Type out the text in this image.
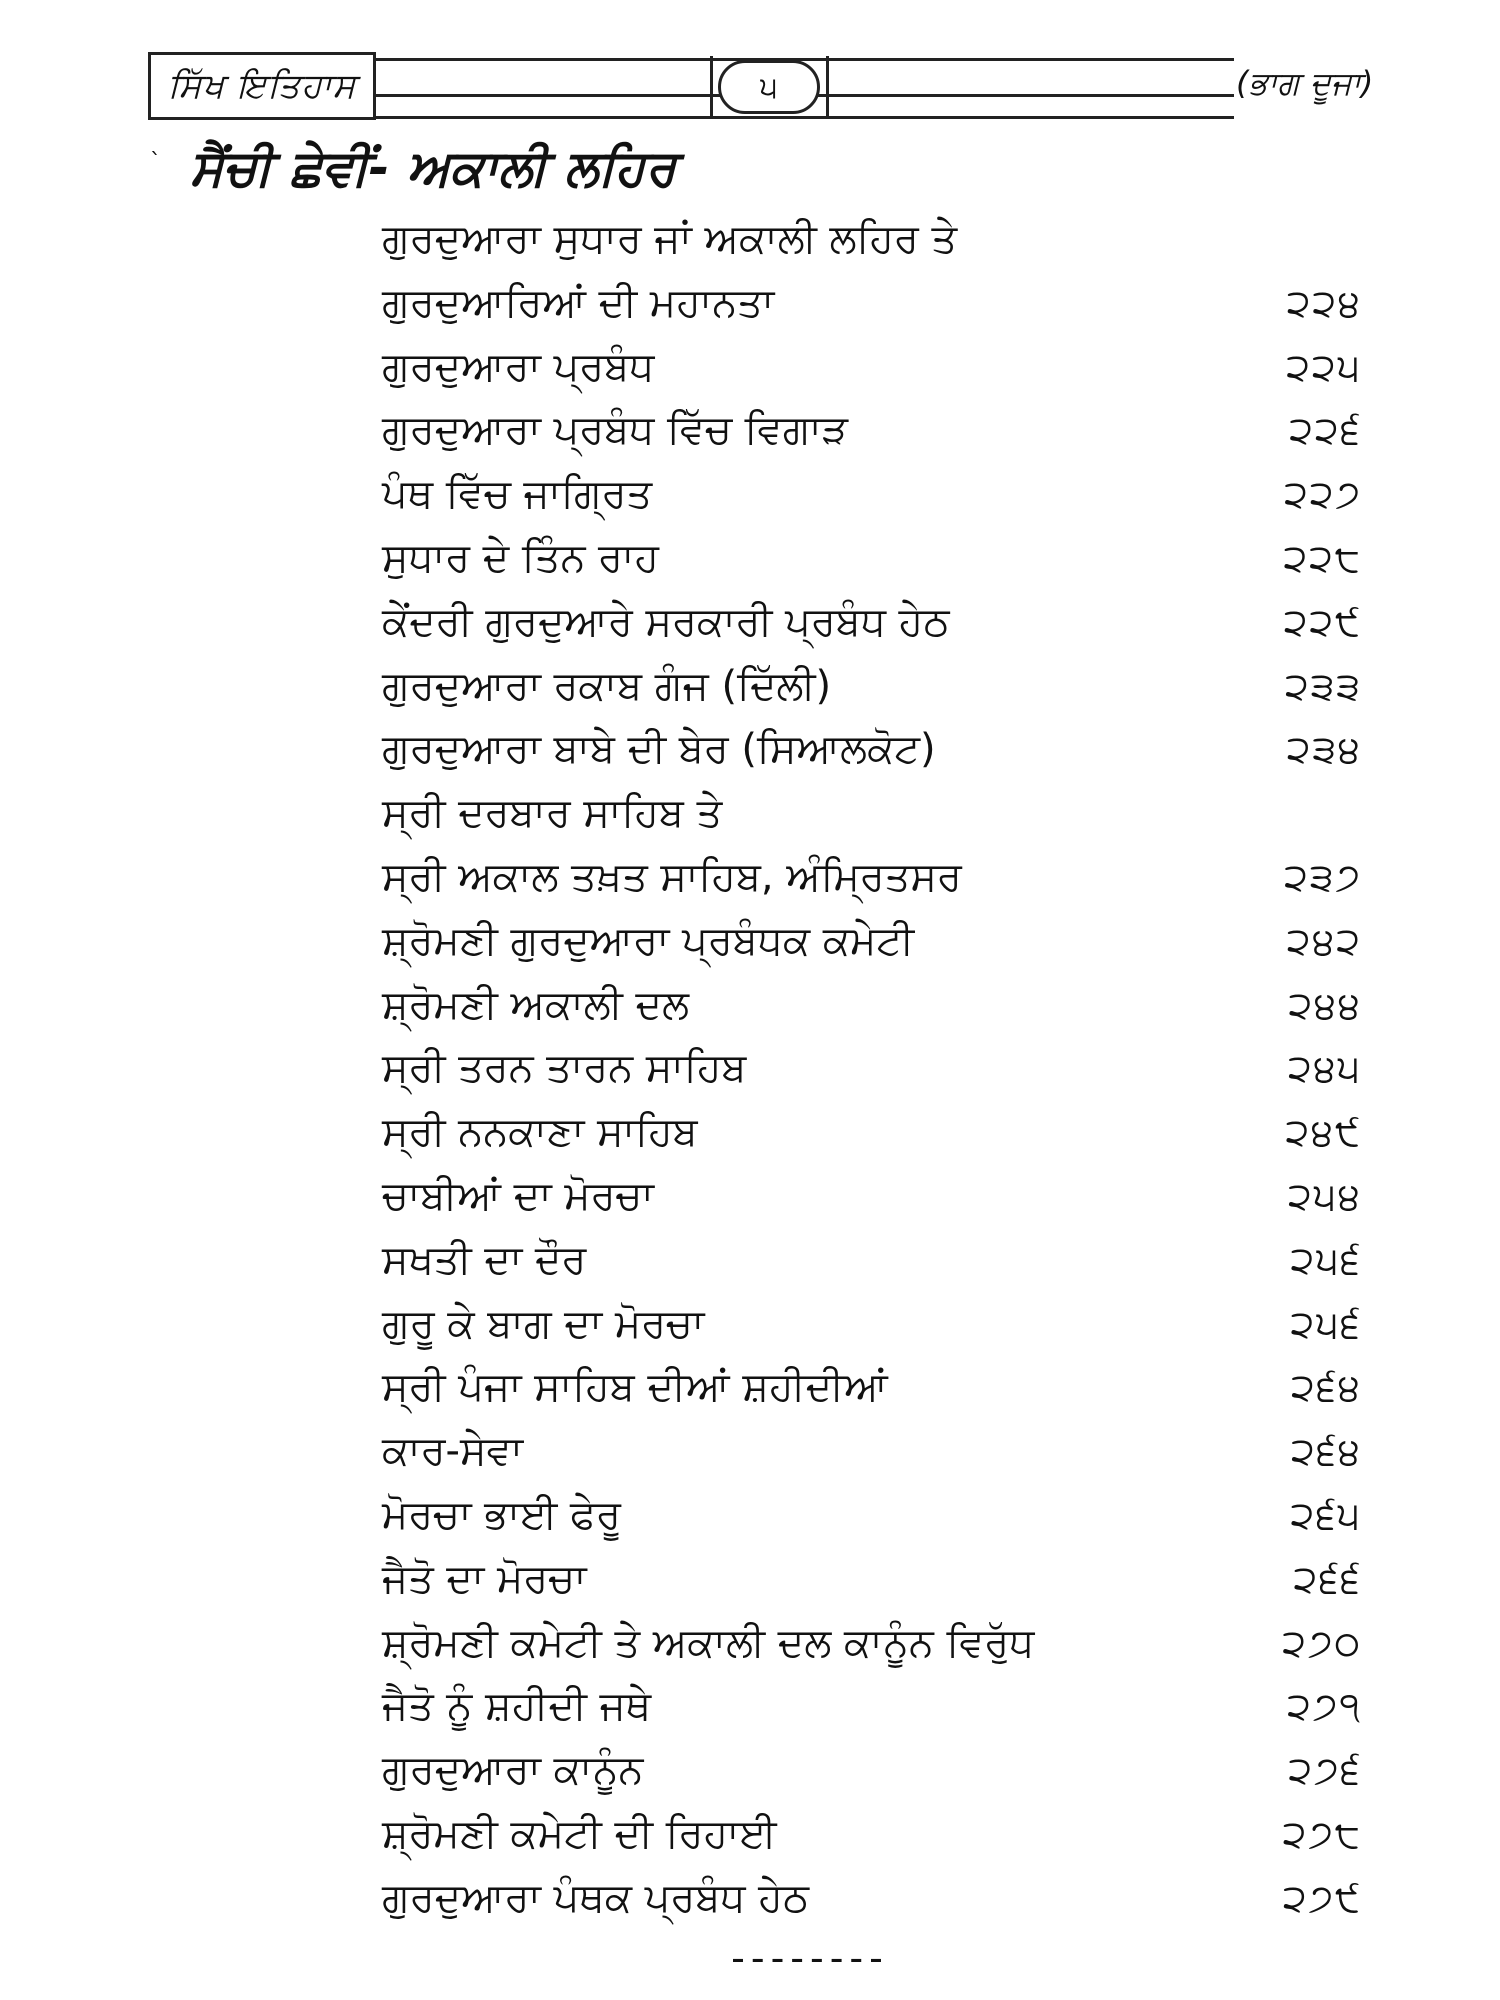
ਸਿੱਖ ਇਤਿਹਾਸ	੫	(ਭਾਗ ਦੂਜਾ)
` ਸੈਂਚੀ ਛੇਵੀਂ- ਅਕਾਲੀ ਲਹਿਰ
ਗੁਰਦੁਆਰਾ ਸੁਧਾਰ ਜਾਂ ਅਕਾਲੀ ਲਹਿਰ ਤੇ
ਗੁਰਦੁਆਰਿਆਂ ਦੀ ਮਹਾਨਤਾ	੨੨੪
ਗੁਰਦੁਆਰਾ ਪ੍ਰਬੰਧ	੨੨੫
ਗੁਰਦੁਆਰਾ ਪ੍ਰਬੰਧ ਵਿੱਚ ਵਿਗਾੜ	੨੨੬
ਪੰਥ ਵਿੱਚ ਜਾਗ੍ਰਿਤ	੨੨੭
ਸੁਧਾਰ ਦੇ ਤਿੰਨ ਰਾਹ	੨੨੮
ਕੇਂਦਰੀ ਗੁਰਦੁਆਰੇ ਸਰਕਾਰੀ ਪ੍ਰਬੰਧ ਹੇਠ	੨੨੯
ਗੁਰਦੁਆਰਾ ਰਕਾਬ ਗੰਜ (ਦਿੱਲੀ)	੨੩੩
ਗੁਰਦੁਆਰਾ ਬਾਬੇ ਦੀ ਬੇਰ (ਸਿਆਲਕੋਟ)	੨੩੪
ਸ੍ਰੀ ਦਰਬਾਰ ਸਾਹਿਬ ਤੇ
ਸ੍ਰੀ ਅਕਾਲ ਤਖ਼ਤ ਸਾਹਿਬ, ਅੰਮ੍ਰਿਤਸਰ	੨੩੭
ਸ਼੍ਰੋਮਣੀ ਗੁਰਦੁਆਰਾ ਪ੍ਰਬੰਧਕ ਕਮੇਟੀ	੨੪੨
ਸ਼੍ਰੋਮਣੀ ਅਕਾਲੀ ਦਲ	੨੪੪
ਸ੍ਰੀ ਤਰਨ ਤਾਰਨ ਸਾਹਿਬ	੨੪੫
ਸ੍ਰੀ ਨਨਕਾਣਾ ਸਾਹਿਬ	੨੪੯
ਚਾਬੀਆਂ ਦਾ ਮੋਰਚਾ	੨੫੪
ਸਖਤੀ ਦਾ ਦੌਰ	੨੫੬
ਗੁਰੂ ਕੇ ਬਾਗ ਦਾ ਮੋਰਚਾ	੨੫੬
ਸ੍ਰੀ ਪੰਜਾ ਸਾਹਿਬ ਦੀਆਂ ਸ਼ਹੀਦੀਆਂ	੨੬੪
ਕਾਰ-ਸੇਵਾ	੨੬੪
ਮੋਰਚਾ ਭਾਈ ਫੇਰੂ	੨੬੫
ਜੈਤੋ ਦਾ ਮੋਰਚਾ	੨੬੬
ਸ਼੍ਰੋਮਣੀ ਕਮੇਟੀ ਤੇ ਅਕਾਲੀ ਦਲ ਕਾਨੂੰਨ ਵਿਰੁੱਧ	੨੭੦
ਜੈਤੋ ਨੂੰ ਸ਼ਹੀਦੀ ਜਥੇ	੨੭੧
ਗੁਰਦੁਆਰਾ ਕਾਨੂੰਨ	੨੭੬
ਸ਼੍ਰੋਮਣੀ ਕਮੇਟੀ ਦੀ ਰਿਹਾਈ	੨੭੮
ਗੁਰਦੁਆਰਾ ਪੰਥਕ ਪ੍ਰਬੰਧ ਹੇਠ	੨੭੯
--------
